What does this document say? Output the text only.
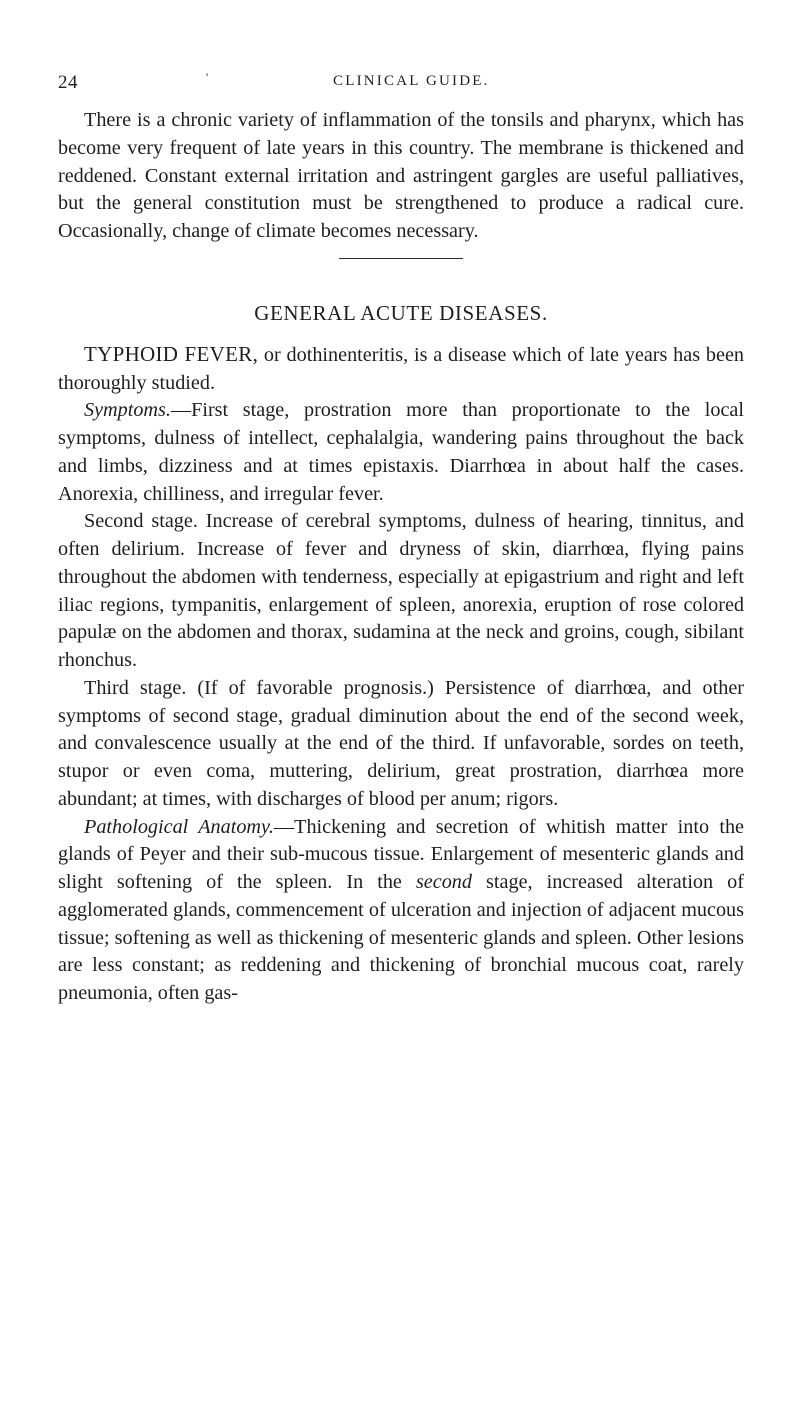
24	'	CLINICAL GUIDE.

There is a chronic variety of inflammation of the tonsils and pharynx, which has become very frequent of late years in this country. The membrane is thickened and reddened. Constant external irritation and astringent gargles are useful palliatives, but the general constitution must be strengthened to produce a radical cure. Occasionally, change of climate becomes necessary.

GENERAL ACUTE DISEASES.

TYPHOID FEVER, or dothinenteritis, is a disease which of late years has been thoroughly studied.

Symptoms.—First stage, prostration more than proportionate to the local symptoms, dulness of intellect, cephalalgia, wandering pains throughout the back and limbs, dizziness and at times epistaxis. Diarrhœa in about half the cases. Anorexia, chilliness, and irregular fever.

Second stage. Increase of cerebral symptoms, dulness of hearing, tinnitus, and often delirium. Increase of fever and dryness of skin, diarrhœa, flying pains throughout the abdomen with tenderness, especially at epigastrium and right and left iliac regions, tympanitis, enlargement of spleen, anorexia, eruption of rose colored papulæ on the abdomen and thorax, sudamina at the neck and groins, cough, sibilant rhonchus.

Third stage. (If of favorable prognosis.) Persistence of diarrhœa, and other symptoms of second stage, gradual diminution about the end of the second week, and convalescence usually at the end of the third. If unfavorable, sordes on teeth, stupor or even coma, muttering, delirium, great prostration, diarrhœa more abundant; at times, with discharges of blood per anum; rigors.

Pathological Anatomy.—Thickening and secretion of whitish matter into the glands of Peyer and their sub-mucous tissue. Enlargement of mesenteric glands and slight softening of the spleen. In the second stage, increased alteration of agglomerated glands, commencement of ulceration and injection of adjacent mucous tissue; softening as well as thickening of mesenteric glands and spleen. Other lesions are less constant; as reddening and thickening of bronchial mucous coat, rarely pneumonia, often gas-
